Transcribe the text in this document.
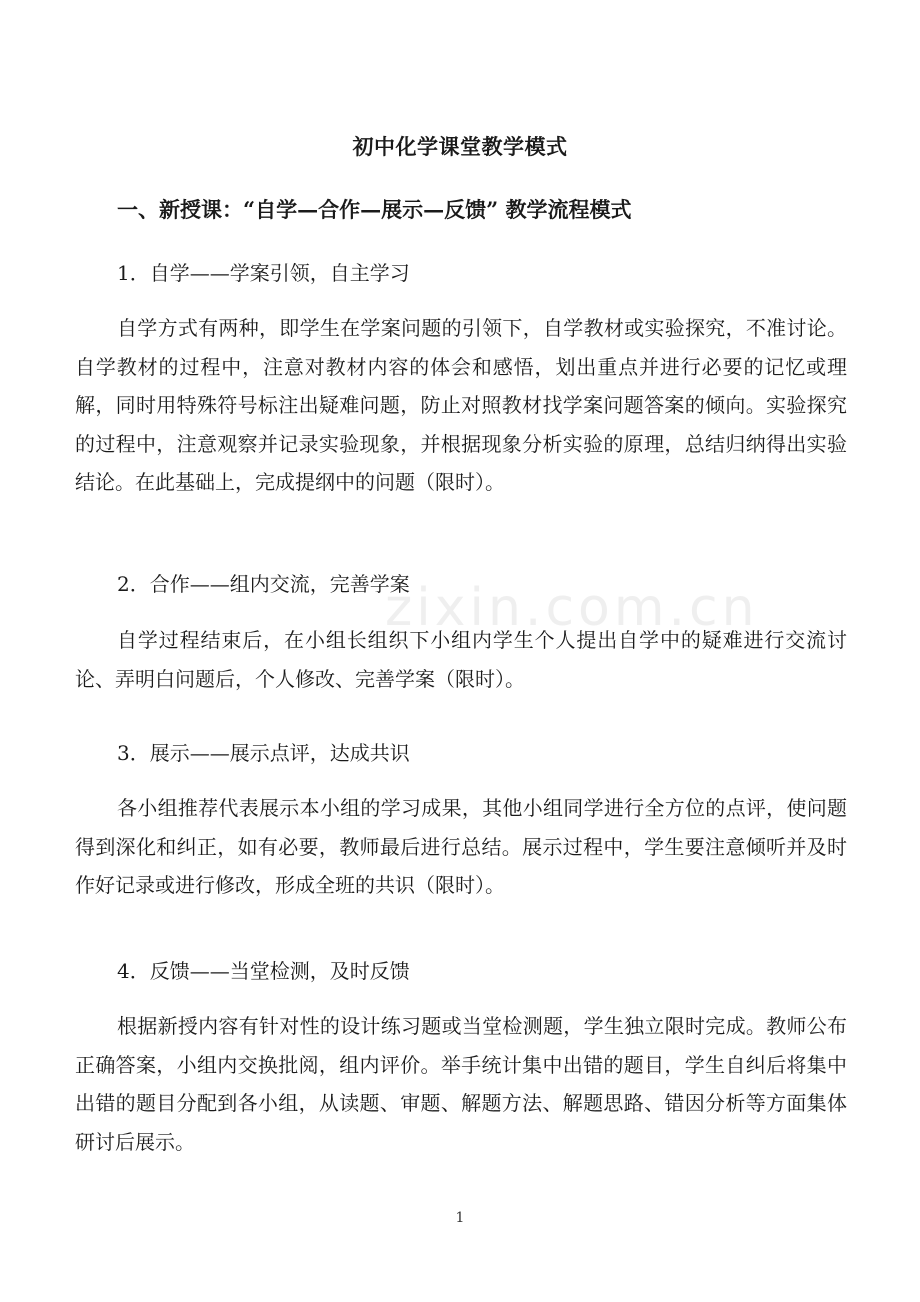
zixin.com.cn
初中化学课堂教学模式
一、新授课：“自学—合作—展示—反馈” 教学流程模式
1．自学——学案引领，自主学习
自学方式有两种，即学生在学案问题的引领下，自学教材或实验探究，不准讨论。自学教材的过程中，注意对教材内容的体会和感悟，划出重点并进行必要的记忆或理解，同时用特殊符号标注出疑难问题，防止对照教材找学案问题答案的倾向。实验探究的过程中，注意观察并记录实验现象，并根据现象分析实验的原理，总结归纳得出实验结论。在此基础上，完成提纲中的问题（限时）。
2．合作——组内交流，完善学案
自学过程结束后，在小组长组织下小组内学生个人提出自学中的疑难进行交流讨论、弄明白问题后，个人修改、完善学案（限时）。
3．展示——展示点评，达成共识
各小组推荐代表展示本小组的学习成果，其他小组同学进行全方位的点评，使问题得到深化和纠正，如有必要，教师最后进行总结。展示过程中，学生要注意倾听并及时作好记录或进行修改，形成全班的共识（限时）。
4．反馈——当堂检测，及时反馈
根据新授内容有针对性的设计练习题或当堂检测题，学生独立限时完成。教师公布正确答案，小组内交换批阅，组内评价。举手统计集中出错的题目，学生自纠后将集中出错的题目分配到各小组，从读题、审题、解题方法、解题思路、错因分析等方面集体研讨后展示。
1
